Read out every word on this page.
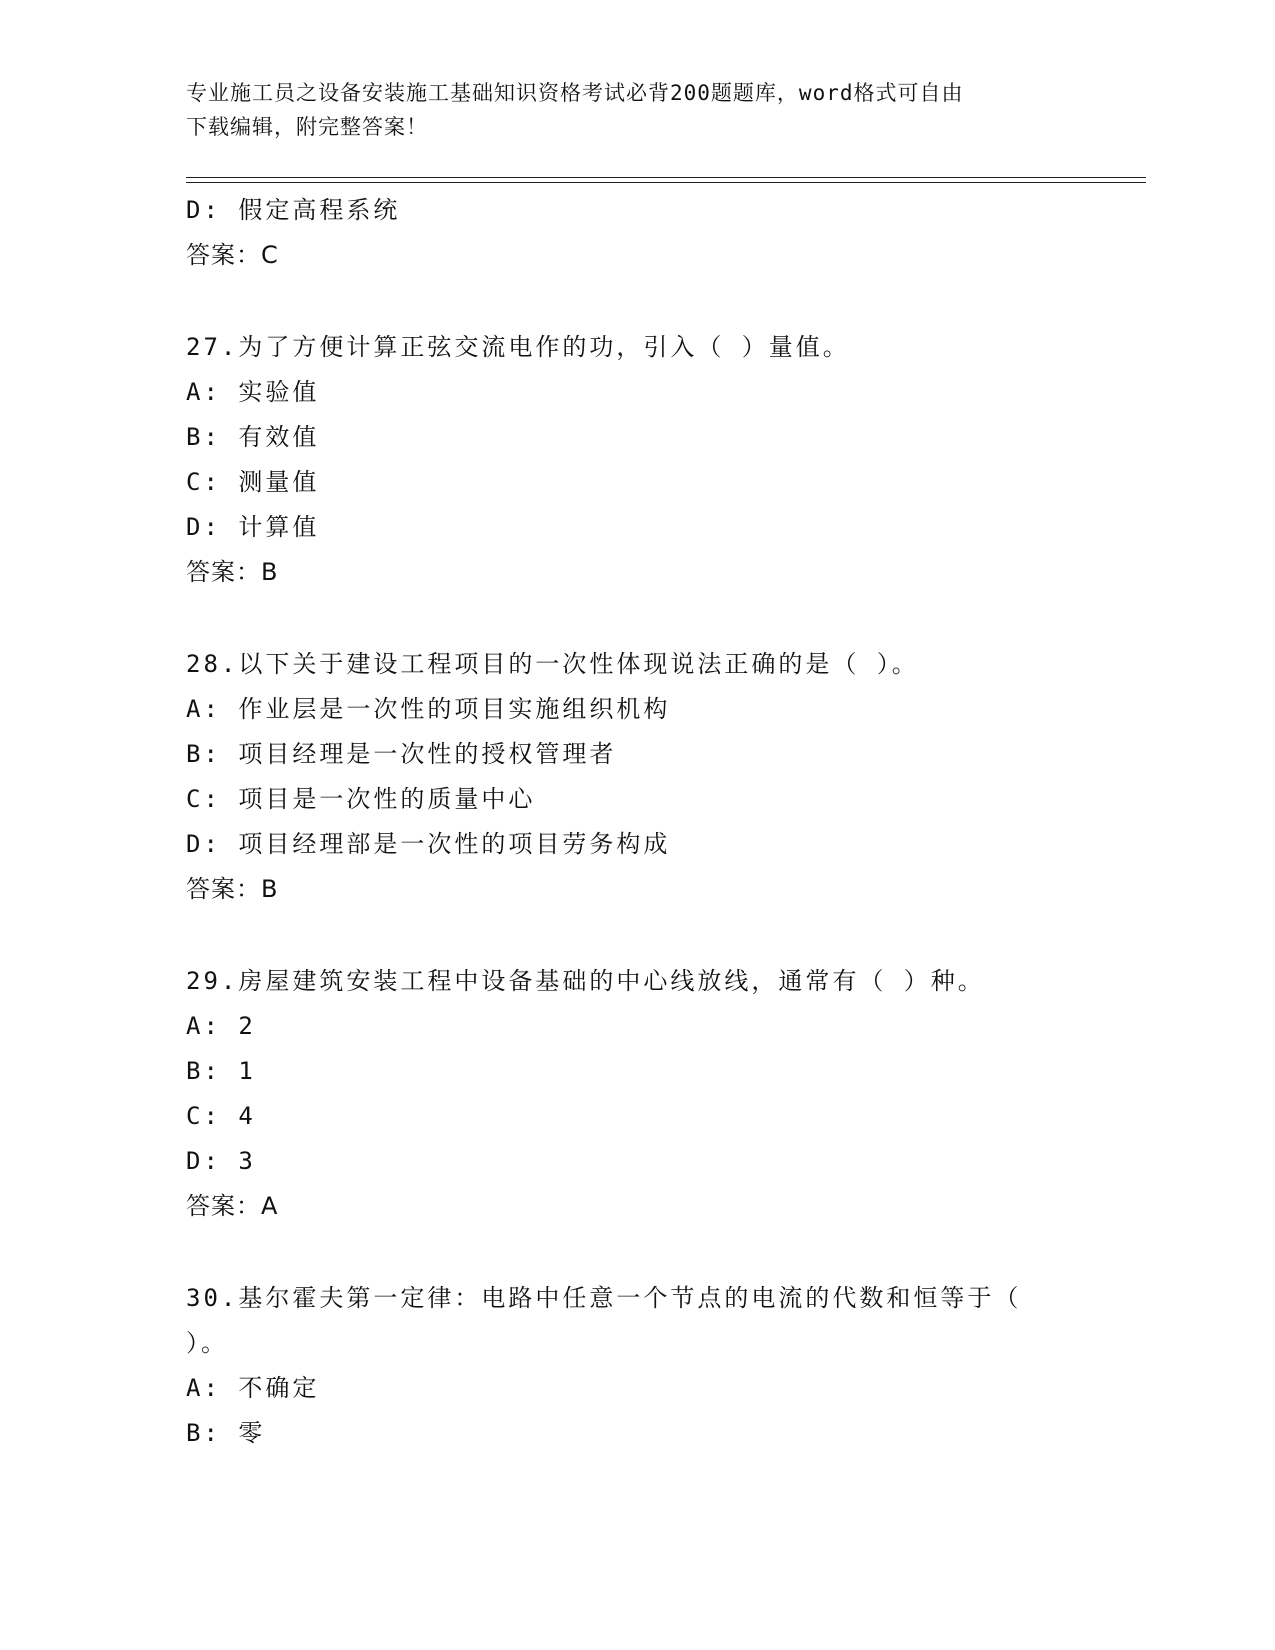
专业施工员之设备安装施工基础知识资格考试必背200题题库，word格式可自由
下载编辑，附完整答案！
D: 假定高程系统
答案：C
27.为了方便计算正弦交流电作的功，引入（ ）量值。
A: 实验值
B: 有效值
C: 测量值
D: 计算值
答案：B
28.以下关于建设工程项目的一次性体现说法正确的是（ ）。
A: 作业层是一次性的项目实施组织机构
B: 项目经理是一次性的授权管理者
C: 项目是一次性的质量中心
D: 项目经理部是一次性的项目劳务构成
答案：B
29.房屋建筑安装工程中设备基础的中心线放线，通常有（ ）种。
A: 2
B: 1
C: 4
D: 3
答案：A
30.基尔霍夫第一定律：电路中任意一个节点的电流的代数和恒等于（
）。
A: 不确定
B: 零
